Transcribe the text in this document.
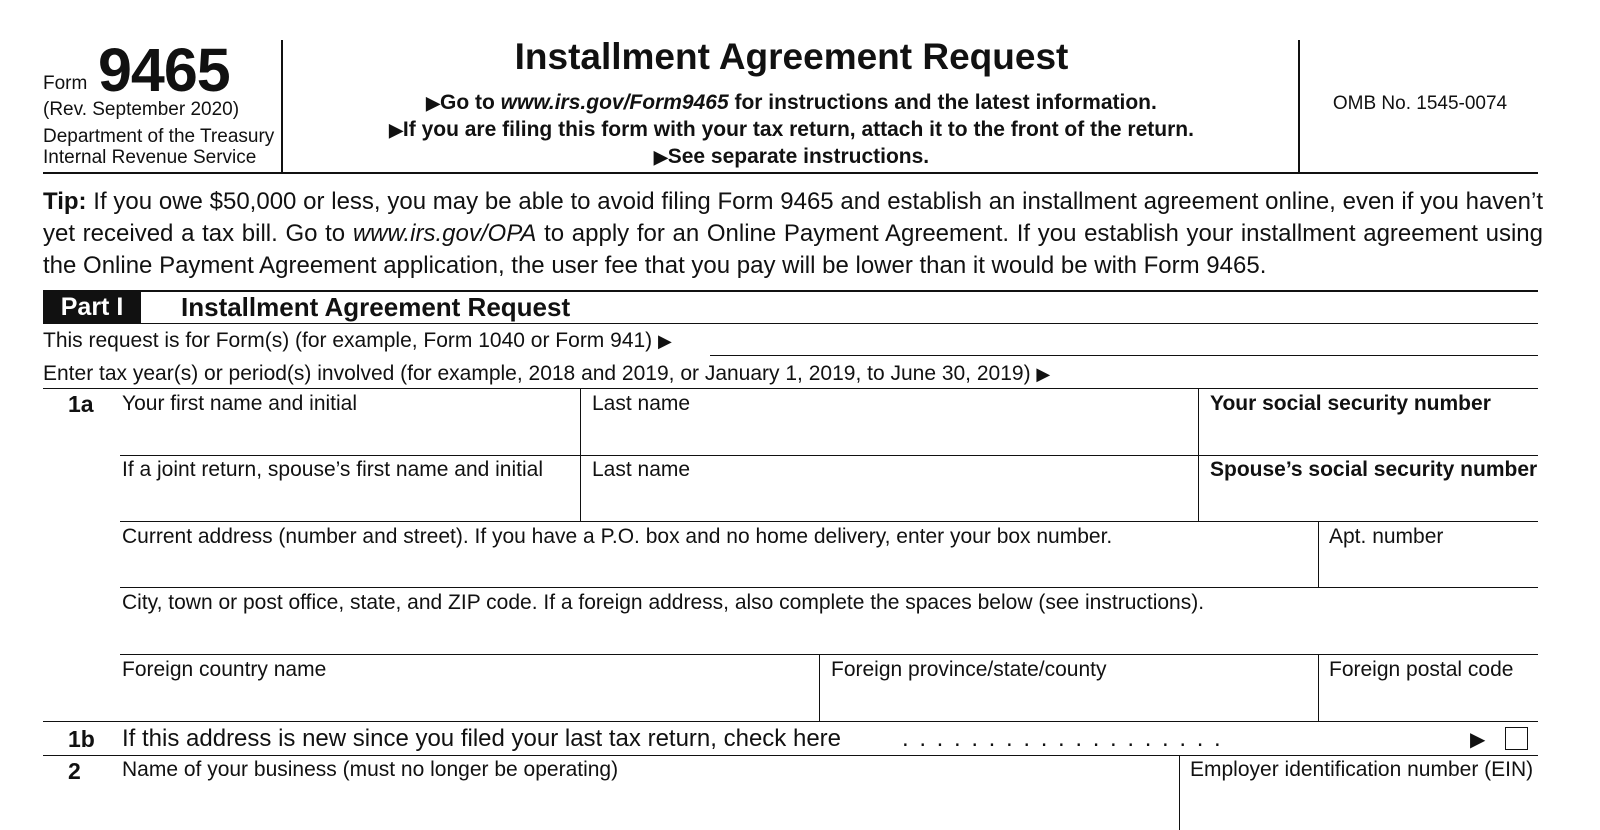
Form 9465
(Rev. September 2020)
Department of the Treasury
Internal Revenue Service
Installment Agreement Request
▶Go to www.irs.gov/Form9465 for instructions and the latest information.
▶If you are filing this form with your tax return, attach it to the front of the return.
▶See separate instructions.
OMB No. 1545-0074
Tip: If you owe $50,000 or less, you may be able to avoid filing Form 9465 and establish an installment agreement online, even if you haven’t yet received a tax bill. Go to www.irs.gov/OPA to apply for an Online Payment Agreement. If you establish your installment agreement using the Online Payment Agreement application, the user fee that you pay will be lower than it would be with Form 9465.
Part I	Installment Agreement Request
This request is for Form(s) (for example, Form 1040 or Form 941) ▶
Enter tax year(s) or period(s) involved (for example, 2018 and 2019, or January 1, 2019, to June 30, 2019) ▶
1a Your first name and initial	Last name	Your social security number
If a joint return, spouse’s first name and initial Last name	Spouse’s social security number
Current address (number and street). If you have a P.O. box and no home delivery, enter your box number.	Apt. number
City, town or post office, state, and ZIP code. If a foreign address, also complete the spaces below (see instructions).
Foreign country name	Foreign province/state/county	Foreign postal code
1b If this address is new since you filed your last tax return, check here	. . . . . . . . . . . . . . . . . . .	▶
2 Name of your business (must no longer be operating)	Employer identification number (EIN)
